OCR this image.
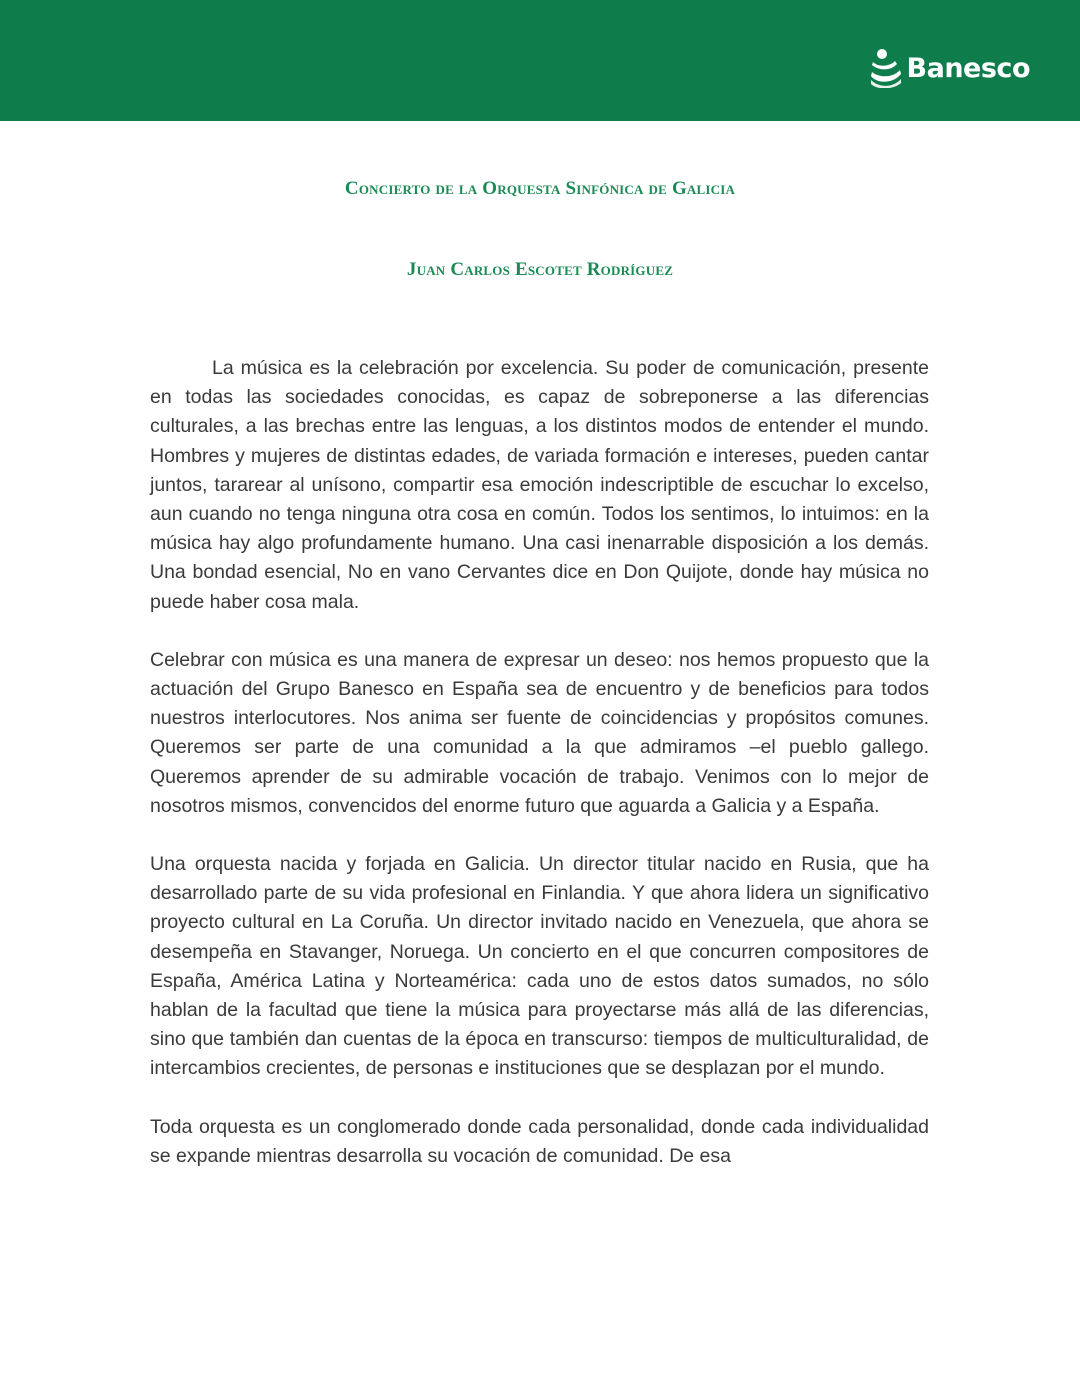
Banesco
Concierto de la Orquesta Sinfónica de Galicia
Juan Carlos Escotet Rodríguez

La música es la celebración por excelencia. Su poder de comunicación, presente en todas las sociedades conocidas, es capaz de sobreponerse a las diferencias culturales, a las brechas entre las lenguas, a los distintos modos de entender el mundo. Hombres y mujeres de distintas edades, de variada formación e intereses, pueden cantar juntos, tararear al unísono, compartir esa emoción indescriptible de escuchar lo excelso, aun cuando no tenga ninguna otra cosa en común. Todos los sentimos, lo intuimos: en la música hay algo profundamente humano. Una casi inenarrable disposición a los demás. Una bondad esencial, No en vano Cervantes dice en Don Quijote, donde hay música no puede haber cosa mala.

Celebrar con música es una manera de expresar un deseo: nos hemos propuesto que la actuación del Grupo Banesco en España sea de encuentro y de beneficios para todos nuestros interlocutores. Nos anima ser fuente de coincidencias y propósitos comunes. Queremos ser parte de una comunidad a la que admiramos –el pueblo gallego. Queremos aprender de su admirable vocación de trabajo. Venimos con lo mejor de nosotros mismos, convencidos del enorme futuro que aguarda a Galicia y a España.

Una orquesta nacida y forjada en Galicia. Un director titular nacido en Rusia, que ha desarrollado parte de su vida profesional en Finlandia. Y que ahora lidera un significativo proyecto cultural en La Coruña. Un director invitado nacido en Venezuela, que ahora se desempeña en Stavanger, Noruega. Un concierto en el que concurren compositores de España, América Latina y Norteamérica: cada uno de estos datos sumados, no sólo hablan de la facultad que tiene la música para proyectarse más allá de las diferencias, sino que también dan cuentas de la época en transcurso: tiempos de multiculturalidad, de intercambios crecientes, de personas e instituciones que se desplazan por el mundo.

Toda orquesta es un conglomerado donde cada personalidad, donde cada individualidad se expande mientras desarrolla su vocación de comunidad. De esa
